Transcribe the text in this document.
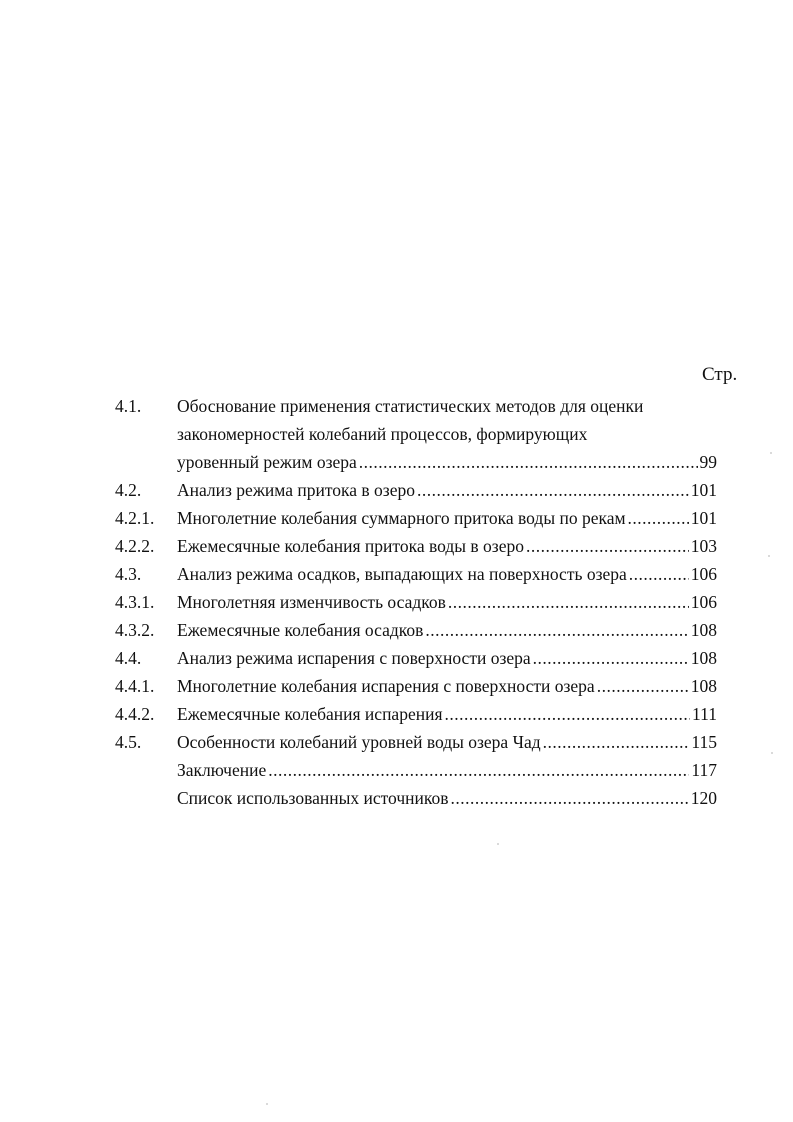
Стр.
4.1. Обоснование применения статистических методов для оценки
закономерностей колебаний процессов, формирующих
уровенный режим озера .....	99
4.2. Анализ режима притока в озеро .....	101
4.2.1. Многолетние колебания суммарного притока воды по рекам .....	101
4.2.2. Ежемесячные колебания притока воды в озеро .....	103
4.3. Анализ режима осадков, выпадающих на поверхность озера .....	106
4.3.1. Многолетняя изменчивость осадков .....	106
4.3.2. Ежемесячные колебания осадков .....	108
4.4. Анализ режима испарения с поверхности озера .....	108
4.4.1. Многолетние колебания испарения с поверхности озера .....	108
4.4.2. Ежемесячные колебания испарения .....	111
4.5. Особенности колебаний уровней воды озера Чад .....	115
Заключение .....	117
Список использованных источников .....	120
